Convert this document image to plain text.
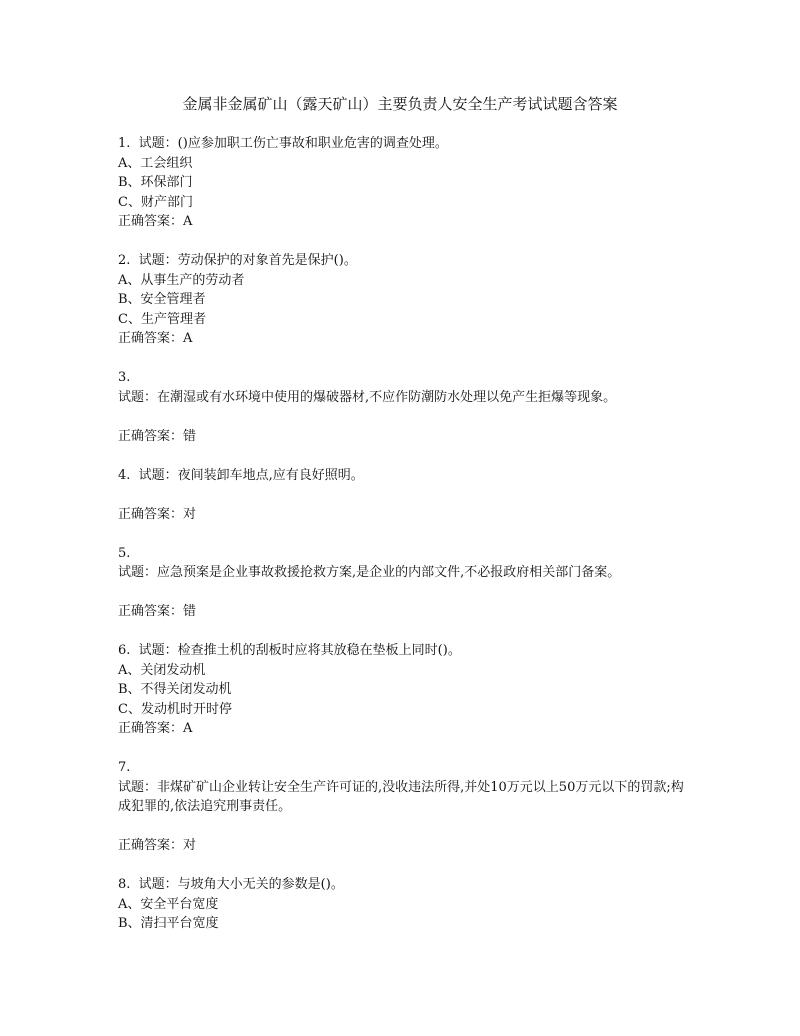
金属非金属矿山（露天矿山）主要负责人安全生产考试试题含答案
1. 试题：()应参加职工伤亡事故和职业危害的调查处理。
A、工会组织
B、环保部门
C、财产部门
正确答案：A
2. 试题：劳动保护的对象首先是保护()。
A、从事生产的劳动者
B、安全管理者
C、生产管理者
正确答案：A
3.
试题：在潮湿或有水环境中使用的爆破器材,不应作防潮防水处理以免产生拒爆等现象。
正确答案：错
4. 试题：夜间装卸车地点,应有良好照明。
正确答案：对
5.
试题：应急预案是企业事故救援抢救方案,是企业的内部文件,不必报政府相关部门备案。
正确答案：错
6. 试题：检查推土机的刮板时应将其放稳在垫板上同时()。
A、关闭发动机
B、不得关闭发动机
C、发动机时开时停
正确答案：A
7.
试题：非煤矿矿山企业转让安全生产许可证的,没收违法所得,并处10万元以上50万元以下的罚款;构成犯罪的,依法追究刑事责任。
正确答案：对
8. 试题：与坡角大小无关的参数是()。
A、安全平台宽度
B、清扫平台宽度
